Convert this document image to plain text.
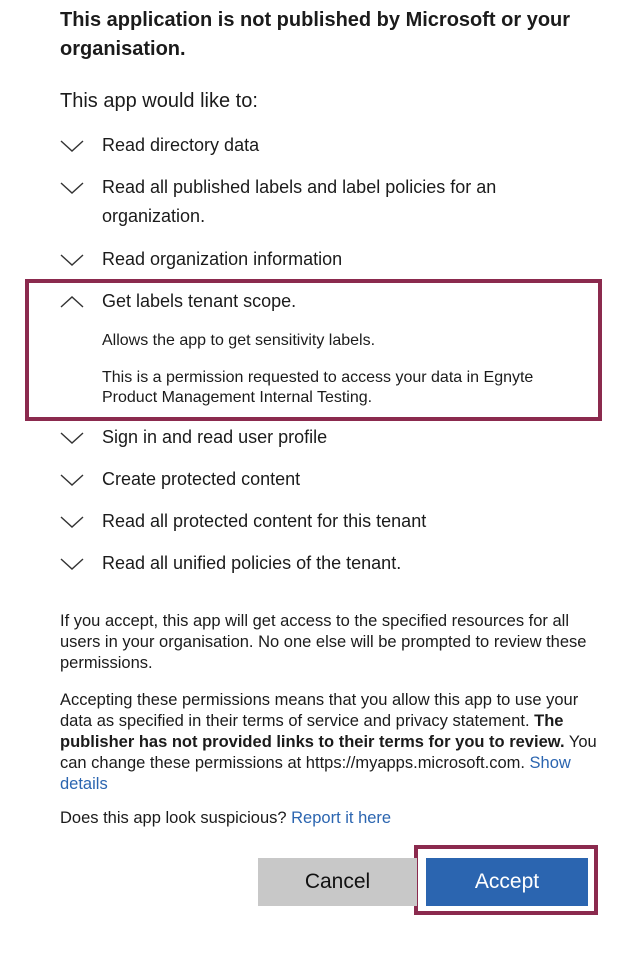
This application is not published by Microsoft or your organisation.
This app would like to:
Read directory data
Read all published labels and label policies for an organization.
Read organization information
Get labels tenant scope.
Allows the app to get sensitivity labels.
This is a permission requested to access your data in Egnyte Product Management Internal Testing.
Sign in and read user profile
Create protected content
Read all protected content for this tenant
Read all unified policies of the tenant.
If you accept, this app will get access to the specified resources for all users in your organisation. No one else will be prompted to review these permissions.
Accepting these permissions means that you allow this app to use your data as specified in their terms of service and privacy statement. The publisher has not provided links to their terms for you to review. You can change these permissions at https://myapps.microsoft.com. Show details
Does this app look suspicious? Report it here
Cancel	Accept
